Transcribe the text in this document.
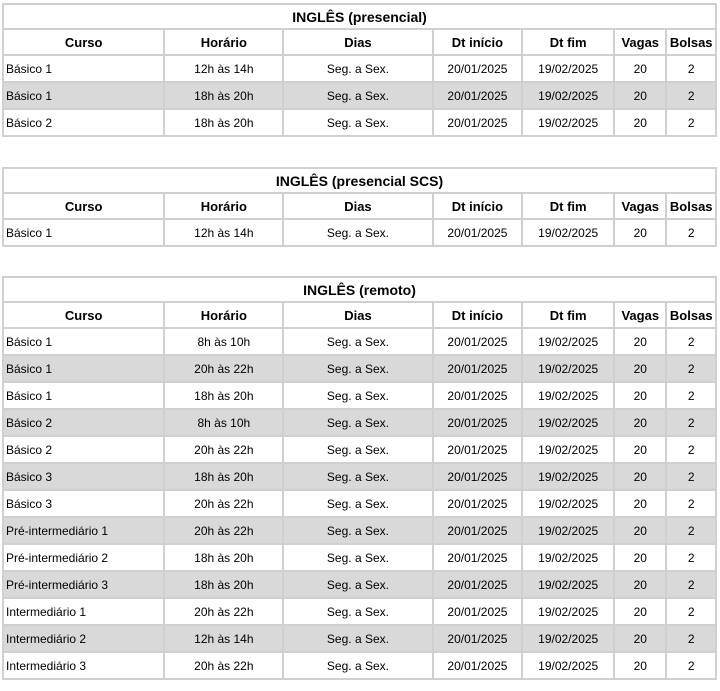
INGLÊS (presencial)						
Curso	Horário	Dias	Dt início	Dt fim	Vagas	Bolsas
Básico 1	12h às 14h	Seg. a Sex.	20/01/2025	19/02/2025	20	2
Básico 1	18h às 20h	Seg. a Sex.	20/01/2025	19/02/2025	20	2
Básico 2	18h às 20h	Seg. a Sex.	20/01/2025	19/02/2025	20	2
INGLÊS (presencial SCS)						
Curso	Horário	Dias	Dt início	Dt fim	Vagas	Bolsas
Básico 1	12h às 14h	Seg. a Sex.	20/01/2025	19/02/2025	20	2
INGLÊS (remoto)						
Curso	Horário	Dias	Dt início	Dt fim	Vagas	Bolsas
Básico 1	8h às 10h	Seg. a Sex.	20/01/2025	19/02/2025	20	2
Básico 1	20h às 22h	Seg. a Sex.	20/01/2025	19/02/2025	20	2
Básico 1	18h às 20h	Seg. a Sex.	20/01/2025	19/02/2025	20	2
Básico 2	8h às 10h	Seg. a Sex.	20/01/2025	19/02/2025	20	2
Básico 2	20h às 22h	Seg. a Sex.	20/01/2025	19/02/2025	20	2
Básico 3	18h às 20h	Seg. a Sex.	20/01/2025	19/02/2025	20	2
Básico 3	20h às 22h	Seg. a Sex.	20/01/2025	19/02/2025	20	2
Pré-intermediário 1	20h às 22h	Seg. a Sex.	20/01/2025	19/02/2025	20	2
Pré-intermediário 2	18h às 20h	Seg. a Sex.	20/01/2025	19/02/2025	20	2
Pré-intermediário 3	18h às 20h	Seg. a Sex.	20/01/2025	19/02/2025	20	2
Intermediário 1	20h às 22h	Seg. a Sex.	20/01/2025	19/02/2025	20	2
Intermediário 2	12h às 14h	Seg. a Sex.	20/01/2025	19/02/2025	20	2
Intermediário 3	20h às 22h	Seg. a Sex.	20/01/2025	19/02/2025	20	2
